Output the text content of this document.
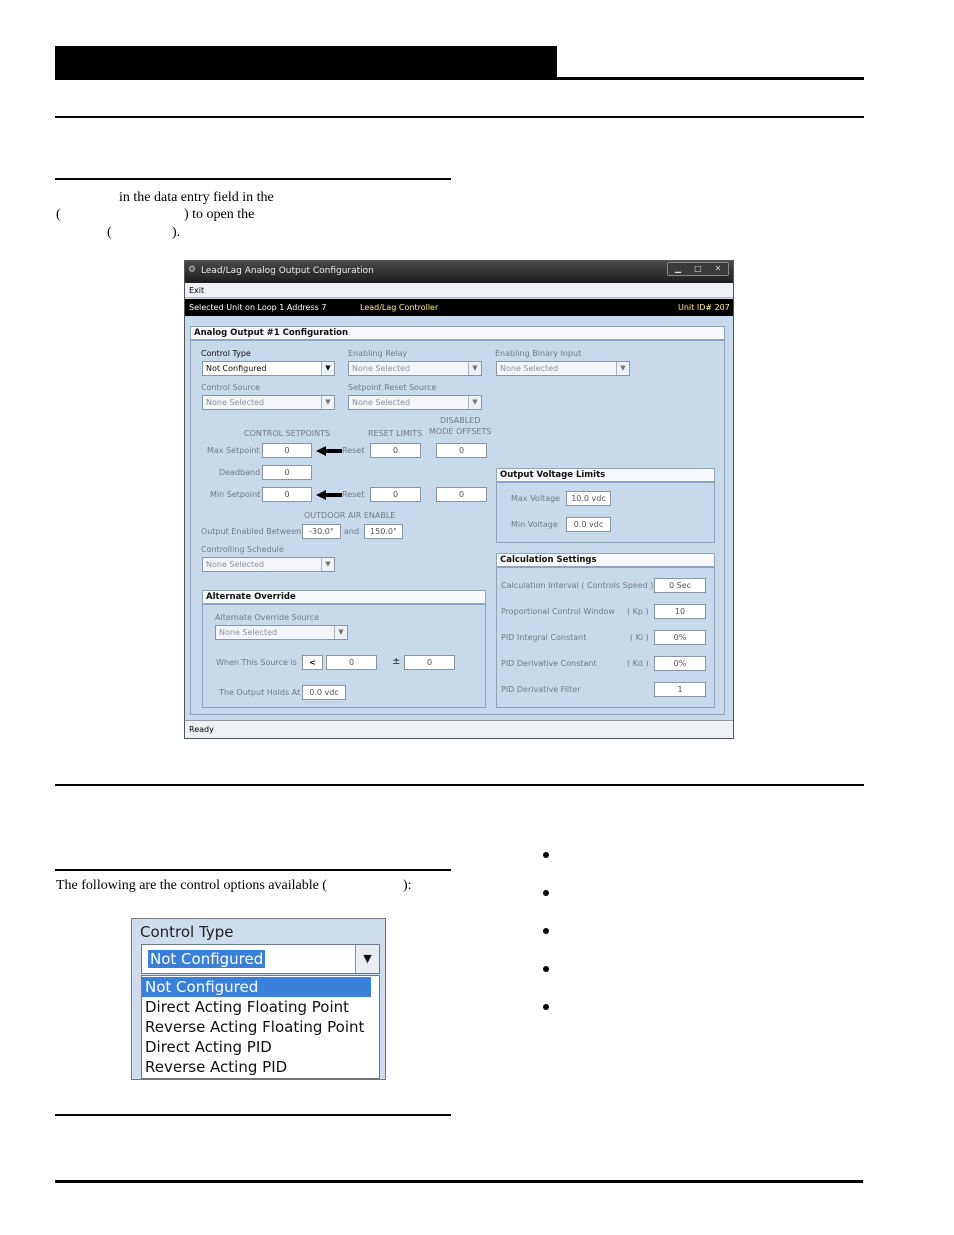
in the data entry field in the
(	) to open the
(	).
⚙ Lead/Lag Analog Output Configuration	▁	□	✕
Exit
Selected Unit on Loop 1 Address 7	Lead/Lag Controller	Unit ID# 207
Analog Output #1 Configuration
Control Type
Not Configured	▼
Enabling Relay
None Selected	▼
Enabling Binary Input
None Selected	▼
Control Source
None Selected	▼
Setpoint Reset Source
None Selected	▼
CONTROL SETPOINTS	RESET LIMITS
DISABLED
MODE OFFSETS
Max Setpoint	0	Reset	0	0
Deadband	0
Min Setpoint	0	Reset	0	0
OUTDOOR AIR ENABLE
Output Enabled Between -30.0°	and	150.0°
Controlling Schedule
None Selected	▼
Alternate Override
Alternate Override Source
None Selected	▼
When This Source is	<	0	±	0
The Output Holds At	0.0 vdc
Output Voltage Limits
Max Voltage	10.0 vdc
Min Voltage	0.0 vdc
Calculation Settings
Calculation Interval ( Controls Speed )	0 Sec
Proportional Control Window ( Kp )	10
PID Integral Constant	( Ki )	0%
PID Derivative Constant	( Kd )	0%
PID Derivative Filter	1
Ready
The following are the control options available (	):
Control Type
Not Configured	▼
Not Configured
Direct Acting Floating Point
Reverse Acting Floating Point
Direct Acting PID
Reverse Acting PID
